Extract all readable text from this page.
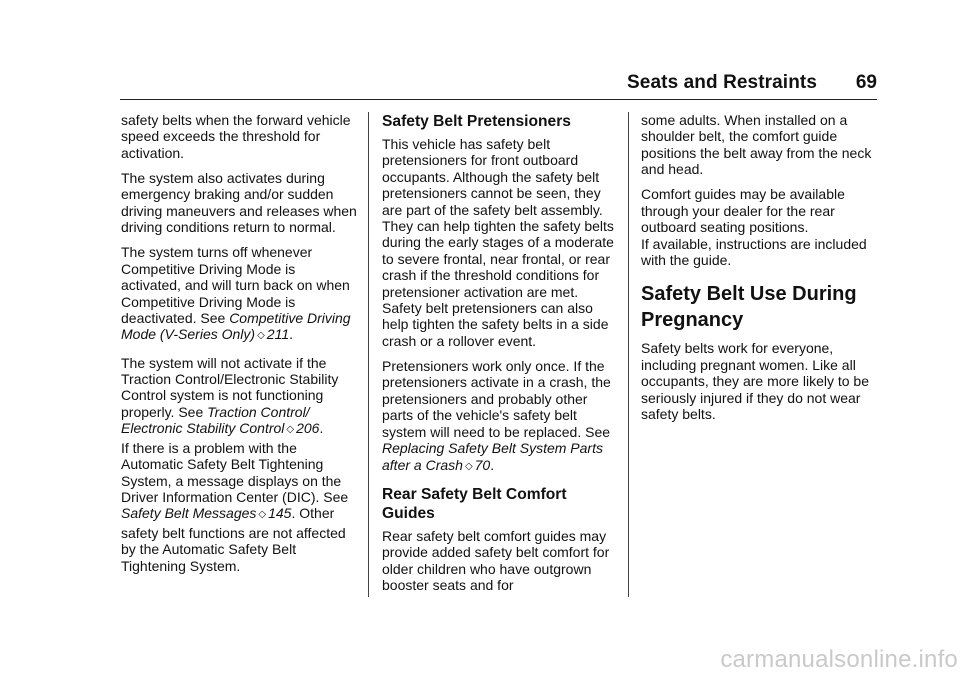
Seats and Restraints 69

safety belts when the forward vehicle speed exceeds the threshold for activation.

The system also activates during emergency braking and/or sudden driving maneuvers and releases when driving conditions return to normal.

The system turns off whenever Competitive Driving Mode is activated, and will turn back on when Competitive Driving Mode is deactivated. See Competitive Driving Mode (V-Series Only) ◇ 211.

The system will not activate if the Traction Control/Electronic Stability Control system is not functioning properly. See Traction Control/ Electronic Stability Control ◇ 206.

If there is a problem with the Automatic Safety Belt Tightening System, a message displays on the Driver Information Center (DIC). See Safety Belt Messages ◇ 145. Other safety belt functions are not affected by the Automatic Safety Belt Tightening System.

Safety Belt Pretensioners

This vehicle has safety belt pretensioners for front outboard occupants. Although the safety belt pretensioners cannot be seen, they are part of the safety belt assembly. They can help tighten the safety belts during the early stages of a moderate to severe frontal, near frontal, or rear crash if the threshold conditions for pretensioner activation are met. Safety belt pretensioners can also help tighten the safety belts in a side crash or a rollover event.

Pretensioners work only once. If the pretensioners activate in a crash, the pretensioners and probably other parts of the vehicle's safety belt system will need to be replaced. See Replacing Safety Belt System Parts after a Crash ◇ 70.

Rear Safety Belt Comfort Guides

Rear safety belt comfort guides may provide added safety belt comfort for older children who have outgrown booster seats and for

some adults. When installed on a shoulder belt, the comfort guide positions the belt away from the neck and head.

Comfort guides may be available through your dealer for the rear outboard seating positions.

If available, instructions are included with the guide.

Safety Belt Use During Pregnancy

Safety belts work for everyone, including pregnant women. Like all occupants, they are more likely to be seriously injured if they do not wear safety belts.

carmanualsonline.info
